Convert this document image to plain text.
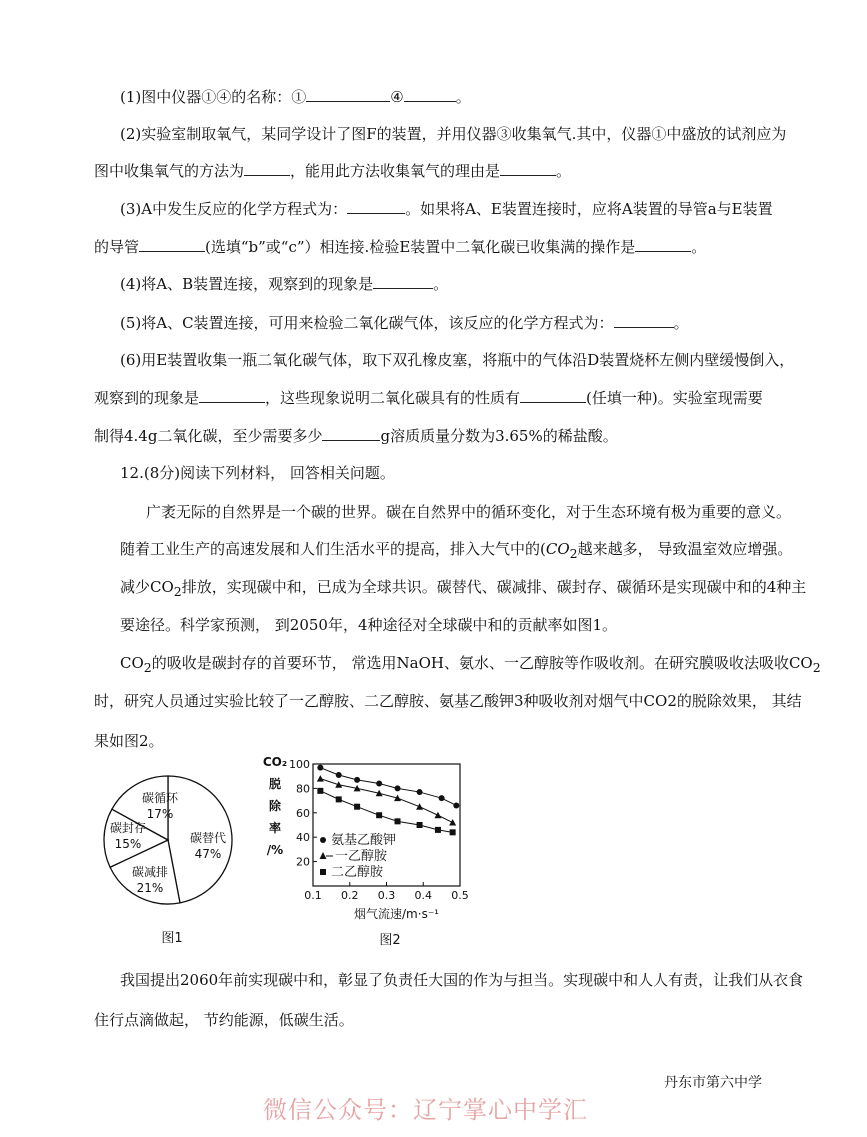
(1)图中仪器①④的名称：①	④	。
(2)实验室制取氧气，某同学设计了图F的装置，并用仪器③收集氧气.其中，仪器①中盛放的试剂应为
图中收集氧气的方法为	，能用此方法收集氧气的理由是	。
(3)A中发生反应的化学方程式为：	。如果将A、E装置连接时，应将A装置的导管a与E装置
的导管	(选填“b”或“c”）相连接.检验E装置中二氧化碳已收集满的操作是	。
(4)将A、B装置连接，观察到的现象是	。
(5)将A、C装置连接，可用来检验二氧化碳气体，该反应的化学方程式为：	。
(6)用E装置收集一瓶二氧化碳气体，取下双孔橡皮塞，将瓶中的气体沿D装置烧杯左侧内壁缓慢倒入，
观察到的现象是	，这些现象说明二氧化碳具有的性质有	(任填一种)。实验室现需要
制得4.4g二氧化碳，至少需要多少	g溶质质量分数为3.65%的稀盐酸。
12.(8分)阅读下列材料， 回答相关问题。
广袤无际的自然界是一个碳的世界。碳在自然界中的循环变化，对于生态环境有极为重要的意义。
随着工业生产的高速发展和人们生活水平的提高，排入大气中的($CO_2$越来越多， 导致温室效应增强。
减少$CO_2$排放，实现碳中和，已成为全球共识。碳替代、碳减排、碳封存、碳循环是实现碳中和的4种主
要途径。科学家预测， 到2050年，4种途径对全球碳中和的贡献率如图1。
$CO_2$的吸收是碳封存的首要环节， 常选用NaOH、氨水、一乙醇胺等作吸收剂。在研究膜吸收法吸收$CO_2$
时，研究人员通过实验比较了一乙醇胺、二乙醇胺、氨基乙酸钾3种吸收剂对烟气中CO2的脱除效果， 其结
果如图2。
碳替代
47%
碳减排
21%
碳封存
15%
碳循环
17%
图1
CO₂
脱
除
率
/%
20
40
60
80
100
0.1 0.2 0.3 0.4 0.5
烟气流速/m·s⁻¹
氨基乙酸钾
一乙醇胺
二乙醇胺
图2
我国提出2060年前实现碳中和，彰显了负责任大国的作为与担当。实现碳中和人人有责，让我们从衣食
住行点滴做起， 节约能源，低碳生活。
丹东市第六中学
微信公众号：辽宁掌心中学汇
